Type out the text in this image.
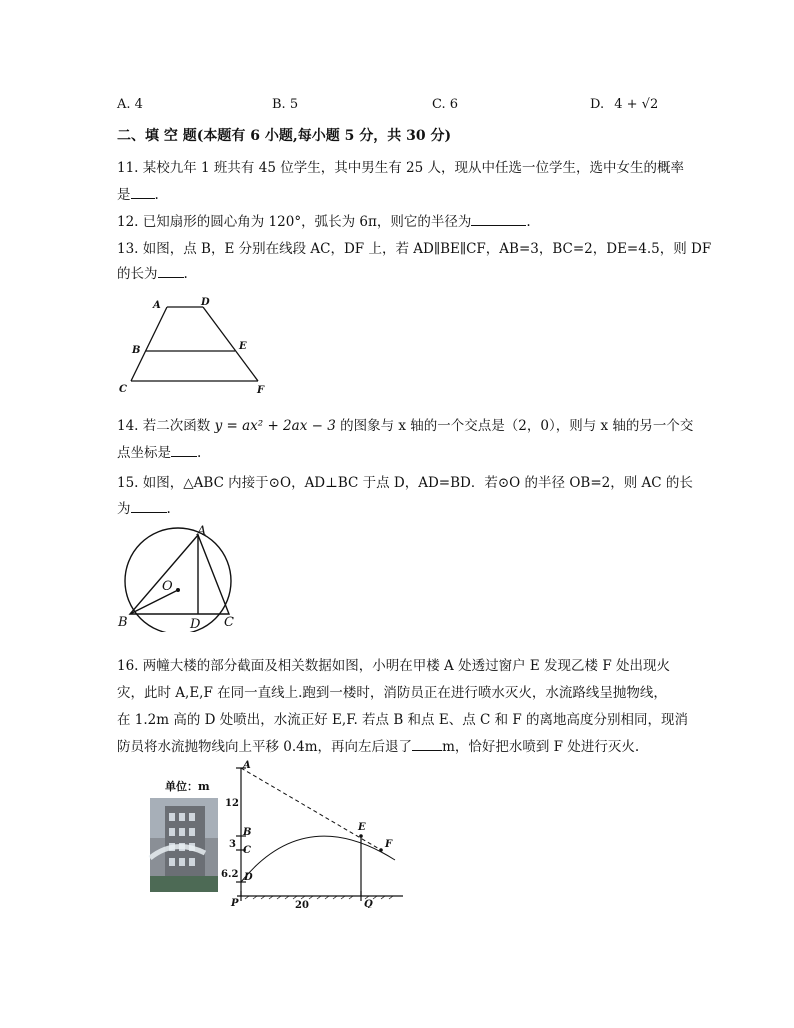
A. 4	B. 5	C. 6	D. 4 + √2
二、填 空 题(本题有 6 小题,每小题 5 分，共 30 分)
11. 某校九年 1 班共有 45 位学生，其中男生有 25 人，现从中任选一位学生，选中女生的概率
是 .
12. 已知扇形的圆心角为 120°，弧长为 6π，则它的半径为	.
13. 如图，点 B，E 分别在线段 AC，DF 上，若 AD∥BE∥CF，AB=3，BC=2，DE=4.5，则 DF
的长为 .
A	D
B	E
C	F
14. 若二次函数 y = ax² + 2ax − 3 的图象与 x 轴的一个交点是（2，0），则与 x 轴的另一个交
点坐标是 .
15. 如图，△ABC 内接于⊙O，AD⊥BC 于点 D，AD=BD．若⊙O 的半径 OB=2，则 AC 的长
为	.
A
O
B	D C
16. 两幢大楼的部分截面及相关数据如图，小明在甲楼 A 处透过窗户 E 发现乙楼 F 处出现火
灾，此时 A,E,F 在同一直线上.跑到一楼时，消防员正在进行喷水灭火，水流路线呈抛物线，
在 1.2m 高的 D 处喷出，水流正好 E,F. 若点 B 和点 E、点 C 和 F 的离地高度分别相同，现消
防员将水流抛物线向上平移 0.4m，再向左后退了 m，恰好把水喷到 F 处进行灭火.
单位：m
A
B
C
D
P
E
F
Q
12
3
6.2
20
